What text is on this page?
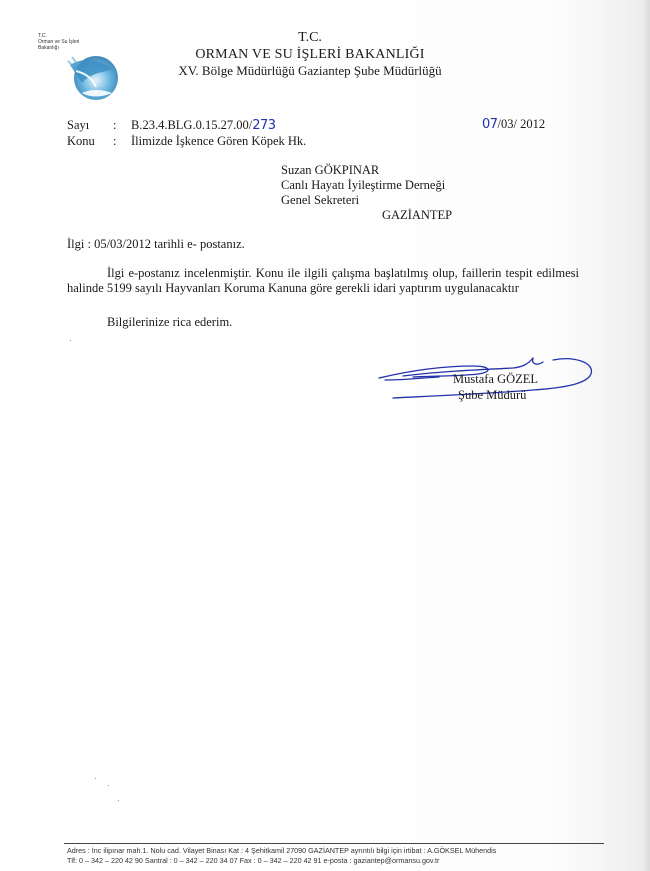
T.C.
Orman ve Su İşleri
Bakanlığı
T.C.
ORMAN VE SU İŞLERİ BAKANLIĞI
XV. Bölge Müdürlüğü Gaziantep Şube Müdürlüğü
Sayı : B.23.4.BLG.0.15.27.00/273
Konu : İlimizde İşkence Gören Köpek Hk.
07/03/ 2012
Suzan GÖKPINAR
Canlı Hayatı İyileştirme Derneği
Genel Sekreteri
GAZİANTEP
İlgi : 05/03/2012 tarihli e- postanız.
İlgi e-postanız incelenmiştir. Konu ile ilgili çalışma başlatılmış olup, faillerin tespit edilmesi halinde 5199 sayılı Hayvanları Koruma Kanuna göre gerekli idari yaptırım uygulanacaktır
Bilgilerinize rica ederim.
Mustafa GÖZEL
Şube Müdürü
Adres : İnc ilipınar mah.1. Nolu cad. Vilayet Binası Kat : 4 Şehitkamil 27090 GAZİANTEP ayrıntılı bilgi için irtibat : A.GÖKSEL Mühendis
Tlf: 0 – 342 – 220 42 90 Santral : 0 – 342 – 220 34 07 Fax : 0 – 342 – 220 42 91 e-posta : gaziantep@ormansu.gov.tr
